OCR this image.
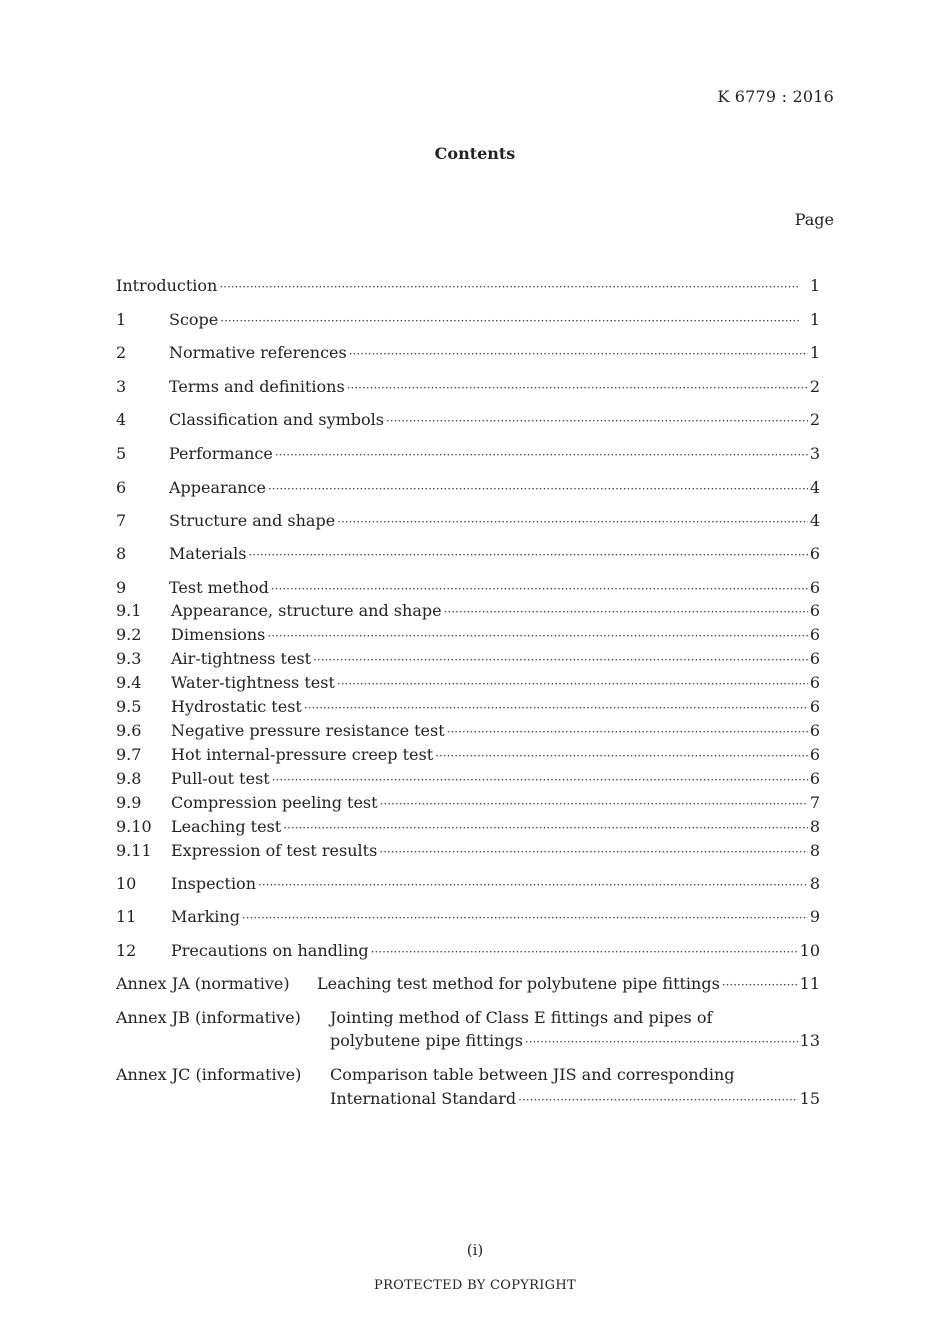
K 6779 : 2016
Contents
Page
Introduction ·····	1
1	Scope ·····	1
2	Normative references ·····	1
3	Terms and definitions ·····	2
4	Classification and symbols ·····	2
5	Performance ·····	3
6	Appearance ·····	4
7	Structure and shape ·····	4
8	Materials ·····	6
9	Test method ·····	6
9.1	Appearance, structure and shape ·····	6
9.2	Dimensions ·····	6
9.3	Air-tightness test ·····	6
9.4	Water-tightness test ·····	6
9.5	Hydrostatic test ·····	6
9.6	Negative pressure resistance test ·····	6
9.7	Hot internal-pressure creep test ·····	6
9.8	Pull-out test ·····	6
9.9	Compression peeling test ·····	7
9.10	Leaching test ·····	8
9.11	Expression of test results ·····	8
10	Inspection ·····	8
11	Marking ·····	9
12	Precautions on handling ·····	10
Annex JA (normative) Leaching test method for polybutene pipe fittings ·····	11
Annex JB (informative) Jointing method of Class E fittings and pipes of
polybutene pipe fittings ·····	13
Annex JC (informative) Comparison table between JIS and corresponding
International Standard ·····	15
(i)
PROTECTED BY COPYRIGHT
